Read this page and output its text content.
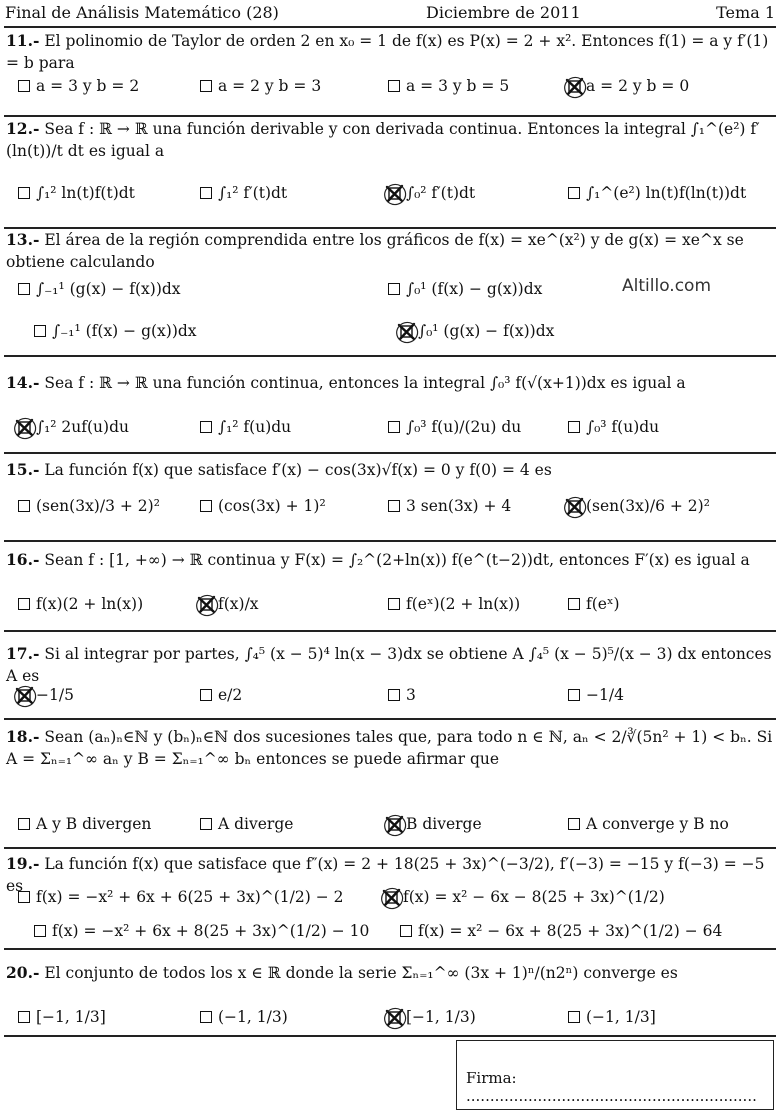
Final de Análisis Matemático (28)	Diciembre de 2011	Tema 1
Altillo.com
11.- El polinomio de Taylor de orden 2 en x₀ = 1 de f(x) es P(x) = 2 + x². Entonces f(1) = a y f′(1) = b para
a = 3 y b = 2	a = 2 y b = 3	a = 3 y b = 5	a = 2 y b = 0
12.- Sea f : ℝ → ℝ una función derivable y con derivada continua. Entonces la integral ∫₁^(e²) f′(ln(t))/t dt es igual a
∫₁² ln(t)f(t)dt	∫₁² f′(t)dt	∫₀² f′(t)dt	∫₁^(e²) ln(t)f(ln(t))dt
13.- El área de la región comprendida entre los gráficos de f(x) = xe^(x²) y de g(x) = xe^x se obtiene calculando
∫₋₁¹ (g(x) − f(x))dx	∫₀¹ (f(x) − g(x))dx
∫₋₁¹ (f(x) − g(x))dx	∫₀¹ (g(x) − f(x))dx
14.- Sea f : ℝ → ℝ una función continua, entonces la integral ∫₀³ f(√(x+1))dx es igual a
∫₁² 2uf(u)du	∫₁² f(u)du	∫₀³ f(u)/(2u) du	∫₀³ f(u)du
15.- La función f(x) que satisface f′(x) − cos(3x)√f(x) = 0 y f(0) = 4 es
(sen(3x)/3 + 2)²	(cos(3x) + 1)²	3 sen(3x) + 4	(sen(3x)/6 + 2)²
16.- Sean f : [1, +∞) → ℝ continua y F(x) = ∫₂^(2+ln(x)) f(e^(t−2))dt, entonces F′(x) es igual a
f(x)(2 + ln(x))	f(x)/x	f(eˣ)(2 + ln(x))	f(eˣ)
17.- Si al integrar por partes, ∫₄⁵ (x − 5)⁴ ln(x − 3)dx se obtiene A ∫₄⁵ (x − 5)⁵/(x − 3) dx entonces A es
−1/5	e/2	3	−1/4
18.- Sean (aₙ)ₙ∈ℕ y (bₙ)ₙ∈ℕ dos sucesiones tales que, para todo n ∈ ℕ, aₙ < 2/∛(5n² + 1) < bₙ. Si A = Σₙ₌₁^∞ aₙ y B = Σₙ₌₁^∞ bₙ entonces se puede afirmar que
A y B divergen	A diverge	B diverge	A converge y B no
19.- La función f(x) que satisface que f″(x) = 2 + 18(25 + 3x)^(−3/2), f′(−3) = −15 y f(−3) = −5 es
f(x) = −x² + 6x + 6(25 + 3x)^(1/2) − 2	f(x) = x² − 6x − 8(25 + 3x)^(1/2)
f(x) = −x² + 6x + 8(25 + 3x)^(1/2) − 10	f(x) = x² − 6x + 8(25 + 3x)^(1/2) − 64
20.- El conjunto de todos los x ∈ ℝ donde la serie Σₙ₌₁^∞ (3x + 1)ⁿ/(n2ⁿ) converge es
[−1, 1/3]	(−1, 1/3)	[−1, 1/3)	(−1, 1/3]
Firma: .............................................................
